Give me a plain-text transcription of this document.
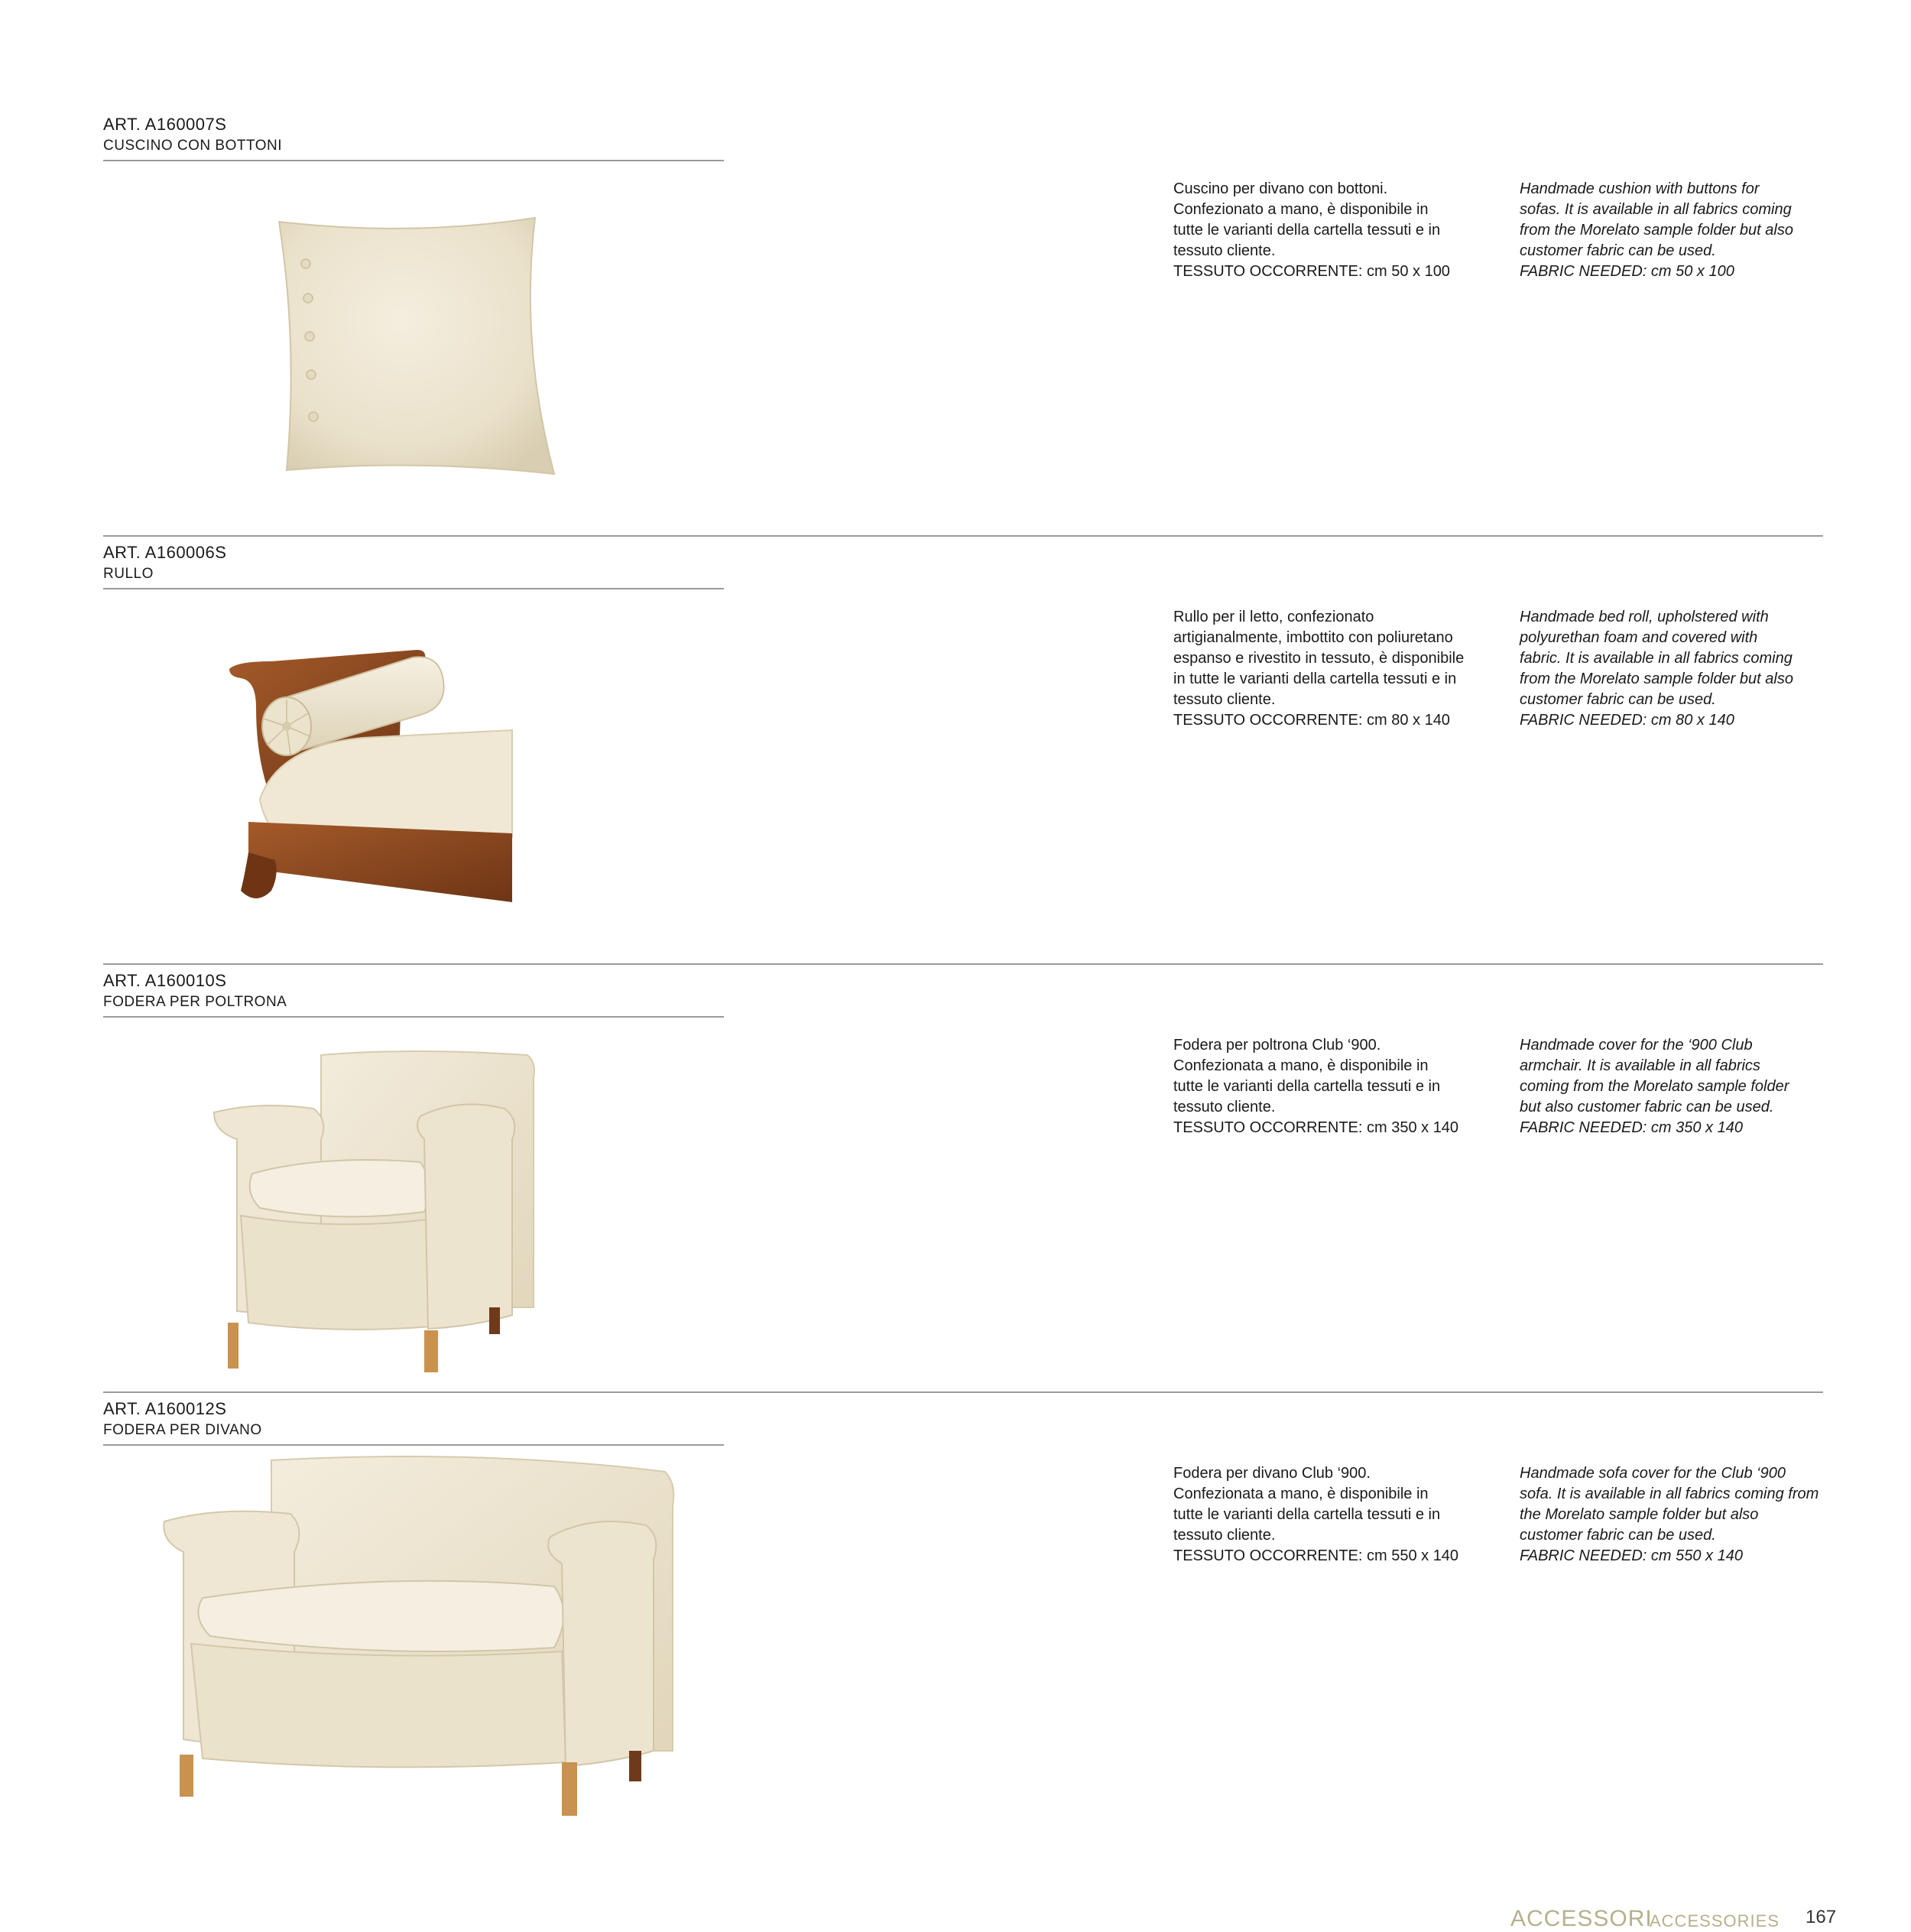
ART. A160007S
CUSCINO CON BOTTONI

Cuscino per divano con bottoni.

Confezionato a mano, è disponibile in

tutte le varianti della cartella tessuti e in

tessuto cliente.

TESSUTO OCCORRENTE: cm 50 x 100

Handmade cushion with buttons for

sofas. It is available in all fabrics coming

from the Morelato sample folder but also

customer fabric can be used.

FABRIC NEEDED: cm 50 x 100

ART. A160006S
RULLO

Rullo per il letto, confezionato

artigianalmente, imbottito con poliuretano

espanso e rivestito in tessuto, è disponibile

in tutte le varianti della cartella tessuti e in

tessuto cliente.

TESSUTO OCCORRENTE: cm 80 x 140

Handmade bed roll, upholstered with

polyurethan foam and covered with

fabric. It is available in all fabrics coming

from the Morelato sample folder but also

customer fabric can be used.

FABRIC NEEDED: cm 80 x 140

ART. A160010S
FODERA PER POLTRONA

Fodera per poltrona Club ‘900.

Confezionata a mano, è disponibile in

tutte le varianti della cartella tessuti e in

tessuto cliente.

TESSUTO OCCORRENTE: cm 350 x 140

Handmade cover for the ‘900 Club

armchair. It is available in all fabrics

coming from the Morelato sample folder

but also customer fabric can be used.

FABRIC NEEDED: cm 350 x 140

ART. A160012S
FODERA PER DIVANO

Fodera per divano Club ‘900.

Confezionata a mano, è disponibile in

tutte le varianti della cartella tessuti e in

tessuto cliente.

TESSUTO OCCORRENTE: cm 550 x 140

Handmade sofa cover for the Club ‘900

sofa. It is available in all fabrics coming from

the Morelato sample folder but also

customer fabric can be used.

FABRIC NEEDED: cm 550 x 140

ACCESSORI
ACCESSORIES 167
